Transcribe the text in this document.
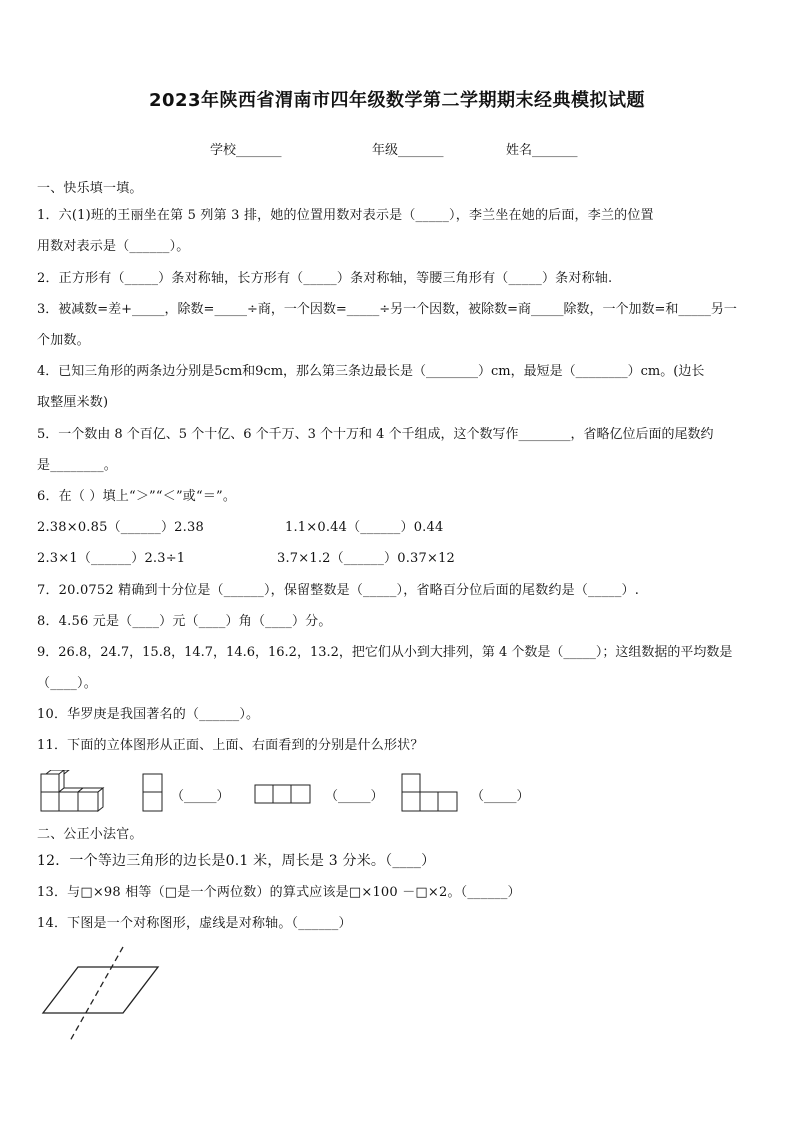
2023年陕西省渭南市四年级数学第二学期期末经典模拟试题
学校_______	年级_______	姓名_______
一、快乐填一填。
1．六(1)班的王丽坐在第 5 列第 3 排，她的位置用数对表示是（_____），李兰坐在她的后面，李兰的位置
用数对表示是（______）。
2．正方形有（_____）条对称轴，长方形有（_____）条对称轴，等腰三角形有（_____）条对称轴.
3．被减数=差+_____，除数=_____÷商，一个因数=_____÷另一个因数，被除数=商_____除数，一个加数=和_____另一
个加数。
4．已知三角形的两条边分别是5cm和9cm，那么第三条边最长是（________）cm，最短是（________）cm。(边长
取整厘米数)
5．一个数由 8 个百亿、5 个十亿、6 个千万、3 个十万和 4 个千组成，这个数写作________，省略亿位后面的尾数约
是________。
6．在（ ）填上“＞”“＜”或“＝”。
2.38×0.85（______）2.38	1.1×0.44（______）0.44
2.3×1（______）2.3÷1	3.7×1.2（______）0.37×12
7．20.0752 精确到十分位是（______），保留整数是（_____），省略百分位后面的尾数约是（_____）.
8．4.56 元是（____）元（____）角（____）分。
9．26.8，24.7，15.8，14.7，14.6，16.2，13.2，把它们从小到大排列，第 4 个数是（_____）；这组数据的平均数是
（____）。
10．华罗庚是我国著名的（______）。
11．下面的立体图形从正面、上面、右面看到的分别是什么形状？
（_____）	（_____）	（_____）
二、公正小法官。
12．一个等边三角形的边长是0.1 米，周长是 3 分米。（____）
13．与□×98 相等（□是一个两位数）的算式应该是□×100 －□×2。（______）
14．下图是一个对称图形，虚线是对称轴。（______）
